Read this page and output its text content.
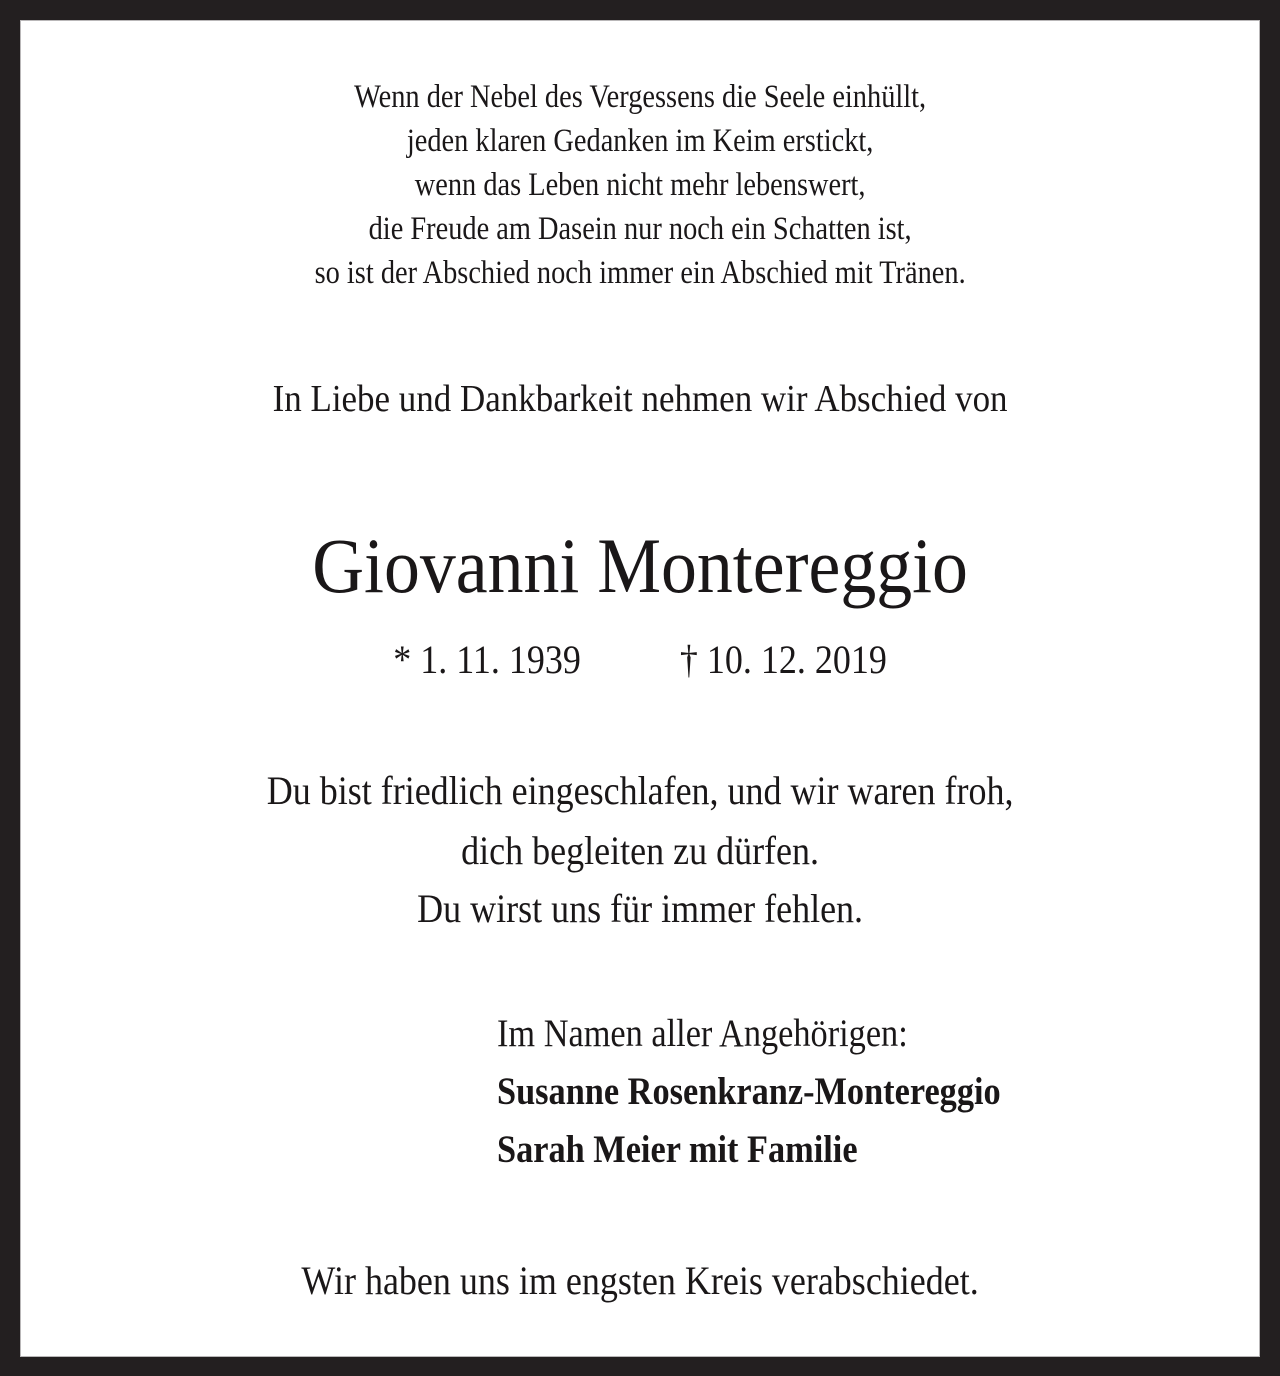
Wenn der Nebel des Vergessens die Seele einhüllt,
jeden klaren Gedanken im Keim erstickt,
wenn das Leben nicht mehr lebenswert,
die Freude am Dasein nur noch ein Schatten ist,
so ist der Abschied noch immer ein Abschied mit Tränen.
In Liebe und Dankbarkeit nehmen wir Abschied von
Giovanni Montereggio
* 1. 11. 1939 † 10. 12. 2019
Du bist friedlich eingeschlafen, und wir waren froh,
dich begleiten zu dürfen.
Du wirst uns für immer fehlen.
Im Namen aller Angehörigen:
Susanne Rosenkranz-Montereggio
Sarah Meier mit Familie
Wir haben uns im engsten Kreis verabschiedet.
